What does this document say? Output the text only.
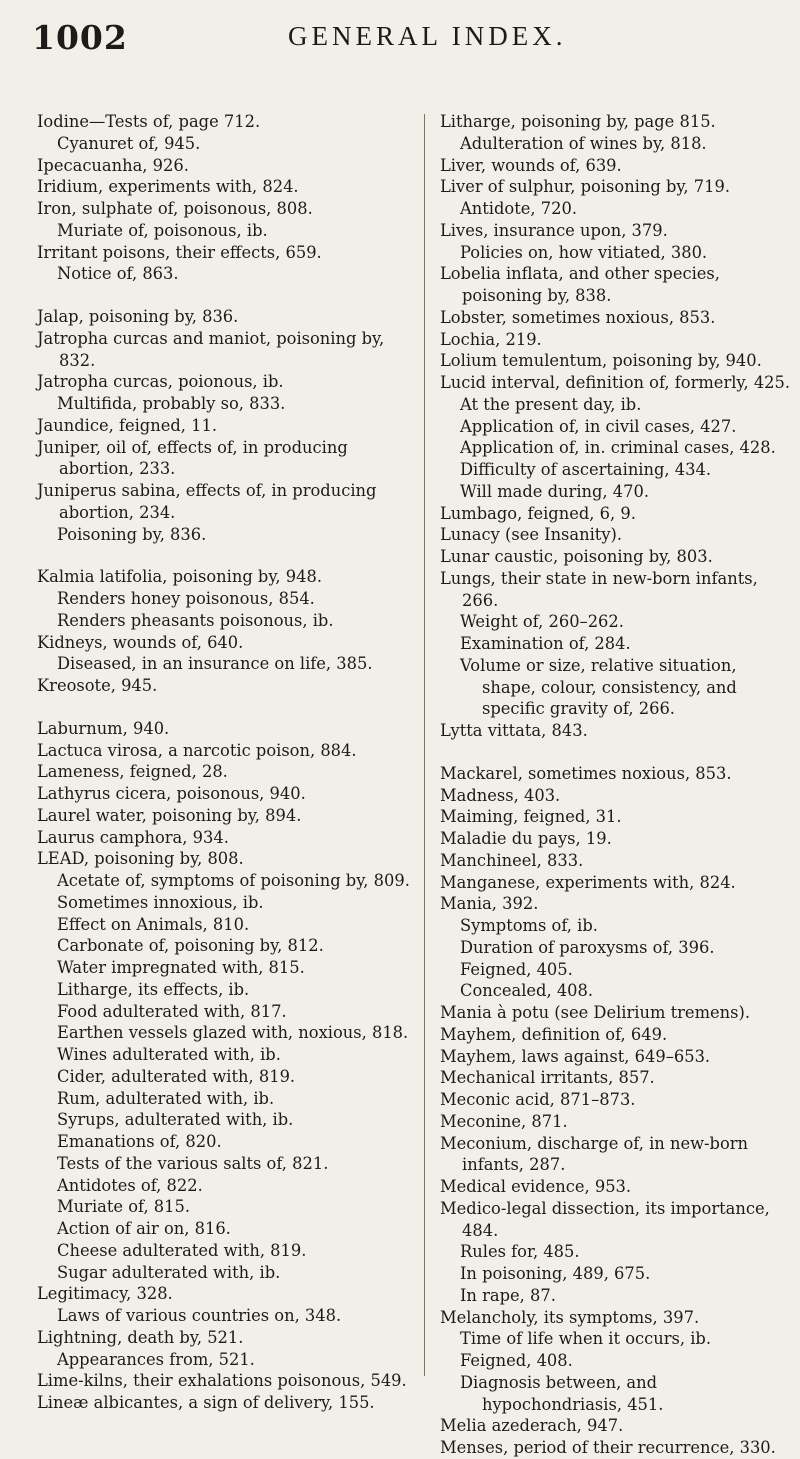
1002	GENERAL INDEX.

Iodine—Tests of, page 712.

Cyanuret of, 945.

Ipecacuanha, 926.

Iridium, experiments with, 824.

Iron, sulphate of, poisonous, 808.

Muriate of, poisonous, ib.

Irritant poisons, their effects, 659.

Notice of, 863.

Jalap, poisoning by, 836.

Jatropha curcas and maniot, poisoning by, 832.

Jatropha curcas, poionous, ib.

Multifida, probably so, 833.

Jaundice, feigned, 11.

Juniper, oil of, effects of, in producing abortion, 233.

Juniperus sabina, effects of, in producing abortion, 234.

Poisoning by, 836.

Kalmia latifolia, poisoning by, 948.

Renders honey poisonous, 854.

Renders pheasants poisonous, ib.

Kidneys, wounds of, 640.

Diseased, in an insurance on life, 385.

Kreosote, 945.

Laburnum, 940.

Lactuca virosa, a narcotic poison, 884.

Lameness, feigned, 28.

Lathyrus cicera, poisonous, 940.

Laurel water, poisoning by, 894.

Laurus camphora, 934.

LEAD, poisoning by, 808.

Acetate of, symptoms of poisoning by, 809.

Sometimes innoxious, ib.

Effect on Animals, 810.

Carbonate of, poisoning by, 812.

Water impregnated with, 815.

Litharge, its effects, ib.

Food adulterated with, 817.

Earthen vessels glazed with, noxious, 818.

Wines adulterated with, ib.

Cider, adulterated with, 819.

Rum, adulterated with, ib.

Syrups, adulterated with, ib.

Emanations of, 820.

Tests of the various salts of, 821.

Antidotes of, 822.

Muriate of, 815.

Action of air on, 816.

Cheese adulterated with, 819.

Sugar adulterated with, ib.

Legitimacy, 328.

Laws of various countries on, 348.

Lightning, death by, 521.

Appearances from, 521.

Lime-kilns, their exhalations poisonous, 549.

Lineæ albicantes, a sign of delivery, 155.

Litharge, poisoning by, page 815.

Adulteration of wines by, 818.

Liver, wounds of, 639.

Liver of sulphur, poisoning by, 719.

Antidote, 720.

Lives, insurance upon, 379.

Policies on, how vitiated, 380.

Lobelia inflata, and other species, poisoning by, 838.

Lobster, sometimes noxious, 853.

Lochia, 219.

Lolium temulentum, poisoning by, 940.

Lucid interval, definition of, formerly, 425.

At the present day, ib.

Application of, in civil cases, 427.

Application of, in. criminal cases, 428.

Difficulty of ascertaining, 434.

Will made during, 470.

Lumbago, feigned, 6, 9.

Lunacy (see Insanity).

Lunar caustic, poisoning by, 803.

Lungs, their state in new-born infants, 266.

Weight of, 260–262.

Examination of, 284.

Volume or size, relative situation, shape, colour, consistency, and specific gravity of, 266.

Lytta vittata, 843.

Mackarel, sometimes noxious, 853.

Madness, 403.

Maiming, feigned, 31.

Maladie du pays, 19.

Manchineel, 833.

Manganese, experiments with, 824.

Mania, 392.

Symptoms of, ib.

Duration of paroxysms of, 396.

Feigned, 405.

Concealed, 408.

Mania à potu (see Delirium tremens).

Mayhem, definition of, 649.

Mayhem, laws against, 649–653.

Mechanical irritants, 857.

Meconic acid, 871–873.

Meconine, 871.

Meconium, discharge of, in new-born infants, 287.

Medical evidence, 953.

Medico-legal dissection, its importance, 484.

Rules for, 485.

In poisoning, 489, 675.

In rape, 87.

Melancholy, its symptoms, 397.

Time of life when it occurs, ib.

Feigned, 408.

Diagnosis between, and hypochondriasis, 451.

Melia azederach, 947.

Menses, period of their recurrence, 330.
